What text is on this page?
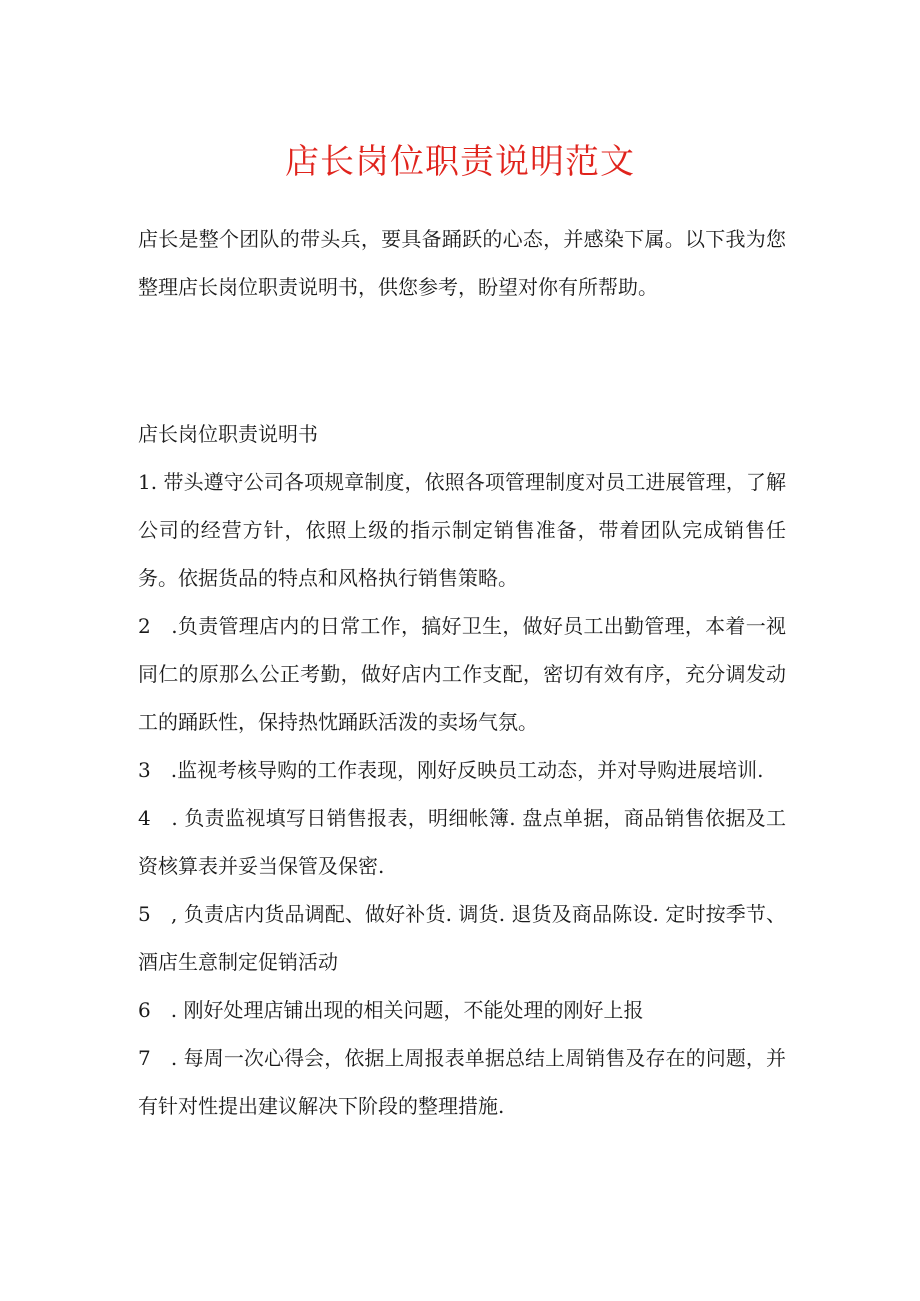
店长岗位职责说明范文
店长是整个团队的带头兵，要具备踊跃的心态，并感染下属。以下我为您整理店长岗位职责说明书，供您参考，盼望对你有所帮助。
店长岗位职责说明书

1. 带头遵守公司各项规章制度，依照各项管理制度对员工进展管理，了解公司的经营方针，依照上级的指示制定销售准备，带着团队完成销售任务。依据货品的特点和风格执行销售策略。

2　.负责管理店内的日常工作，搞好卫生，做好员工出勤管理，本着一视同仁的原那么公正考勤，做好店内工作支配，密切有效有序，充分调发动工的踊跃性，保持热忱踊跃活泼的卖场气氛。

3　.监视考核导购的工作表现，刚好反映员工动态，并对导购进展培训.

4　. 负责监视填写日销售报表，明细帐簿. 盘点单据，商品销售依据及工资核算表并妥当保管及保密.

5　, 负责店内货品调配、做好补货. 调货. 退货及商品陈设. 定时按季节、酒店生意制定促销活动

6　. 刚好处理店铺出现的相关问题，不能处理的刚好上报

7　. 每周一次心得会，依据上周报表单据总结上周销售及存在的问题，并有针对性提出建议解决下阶段的整理措施.
